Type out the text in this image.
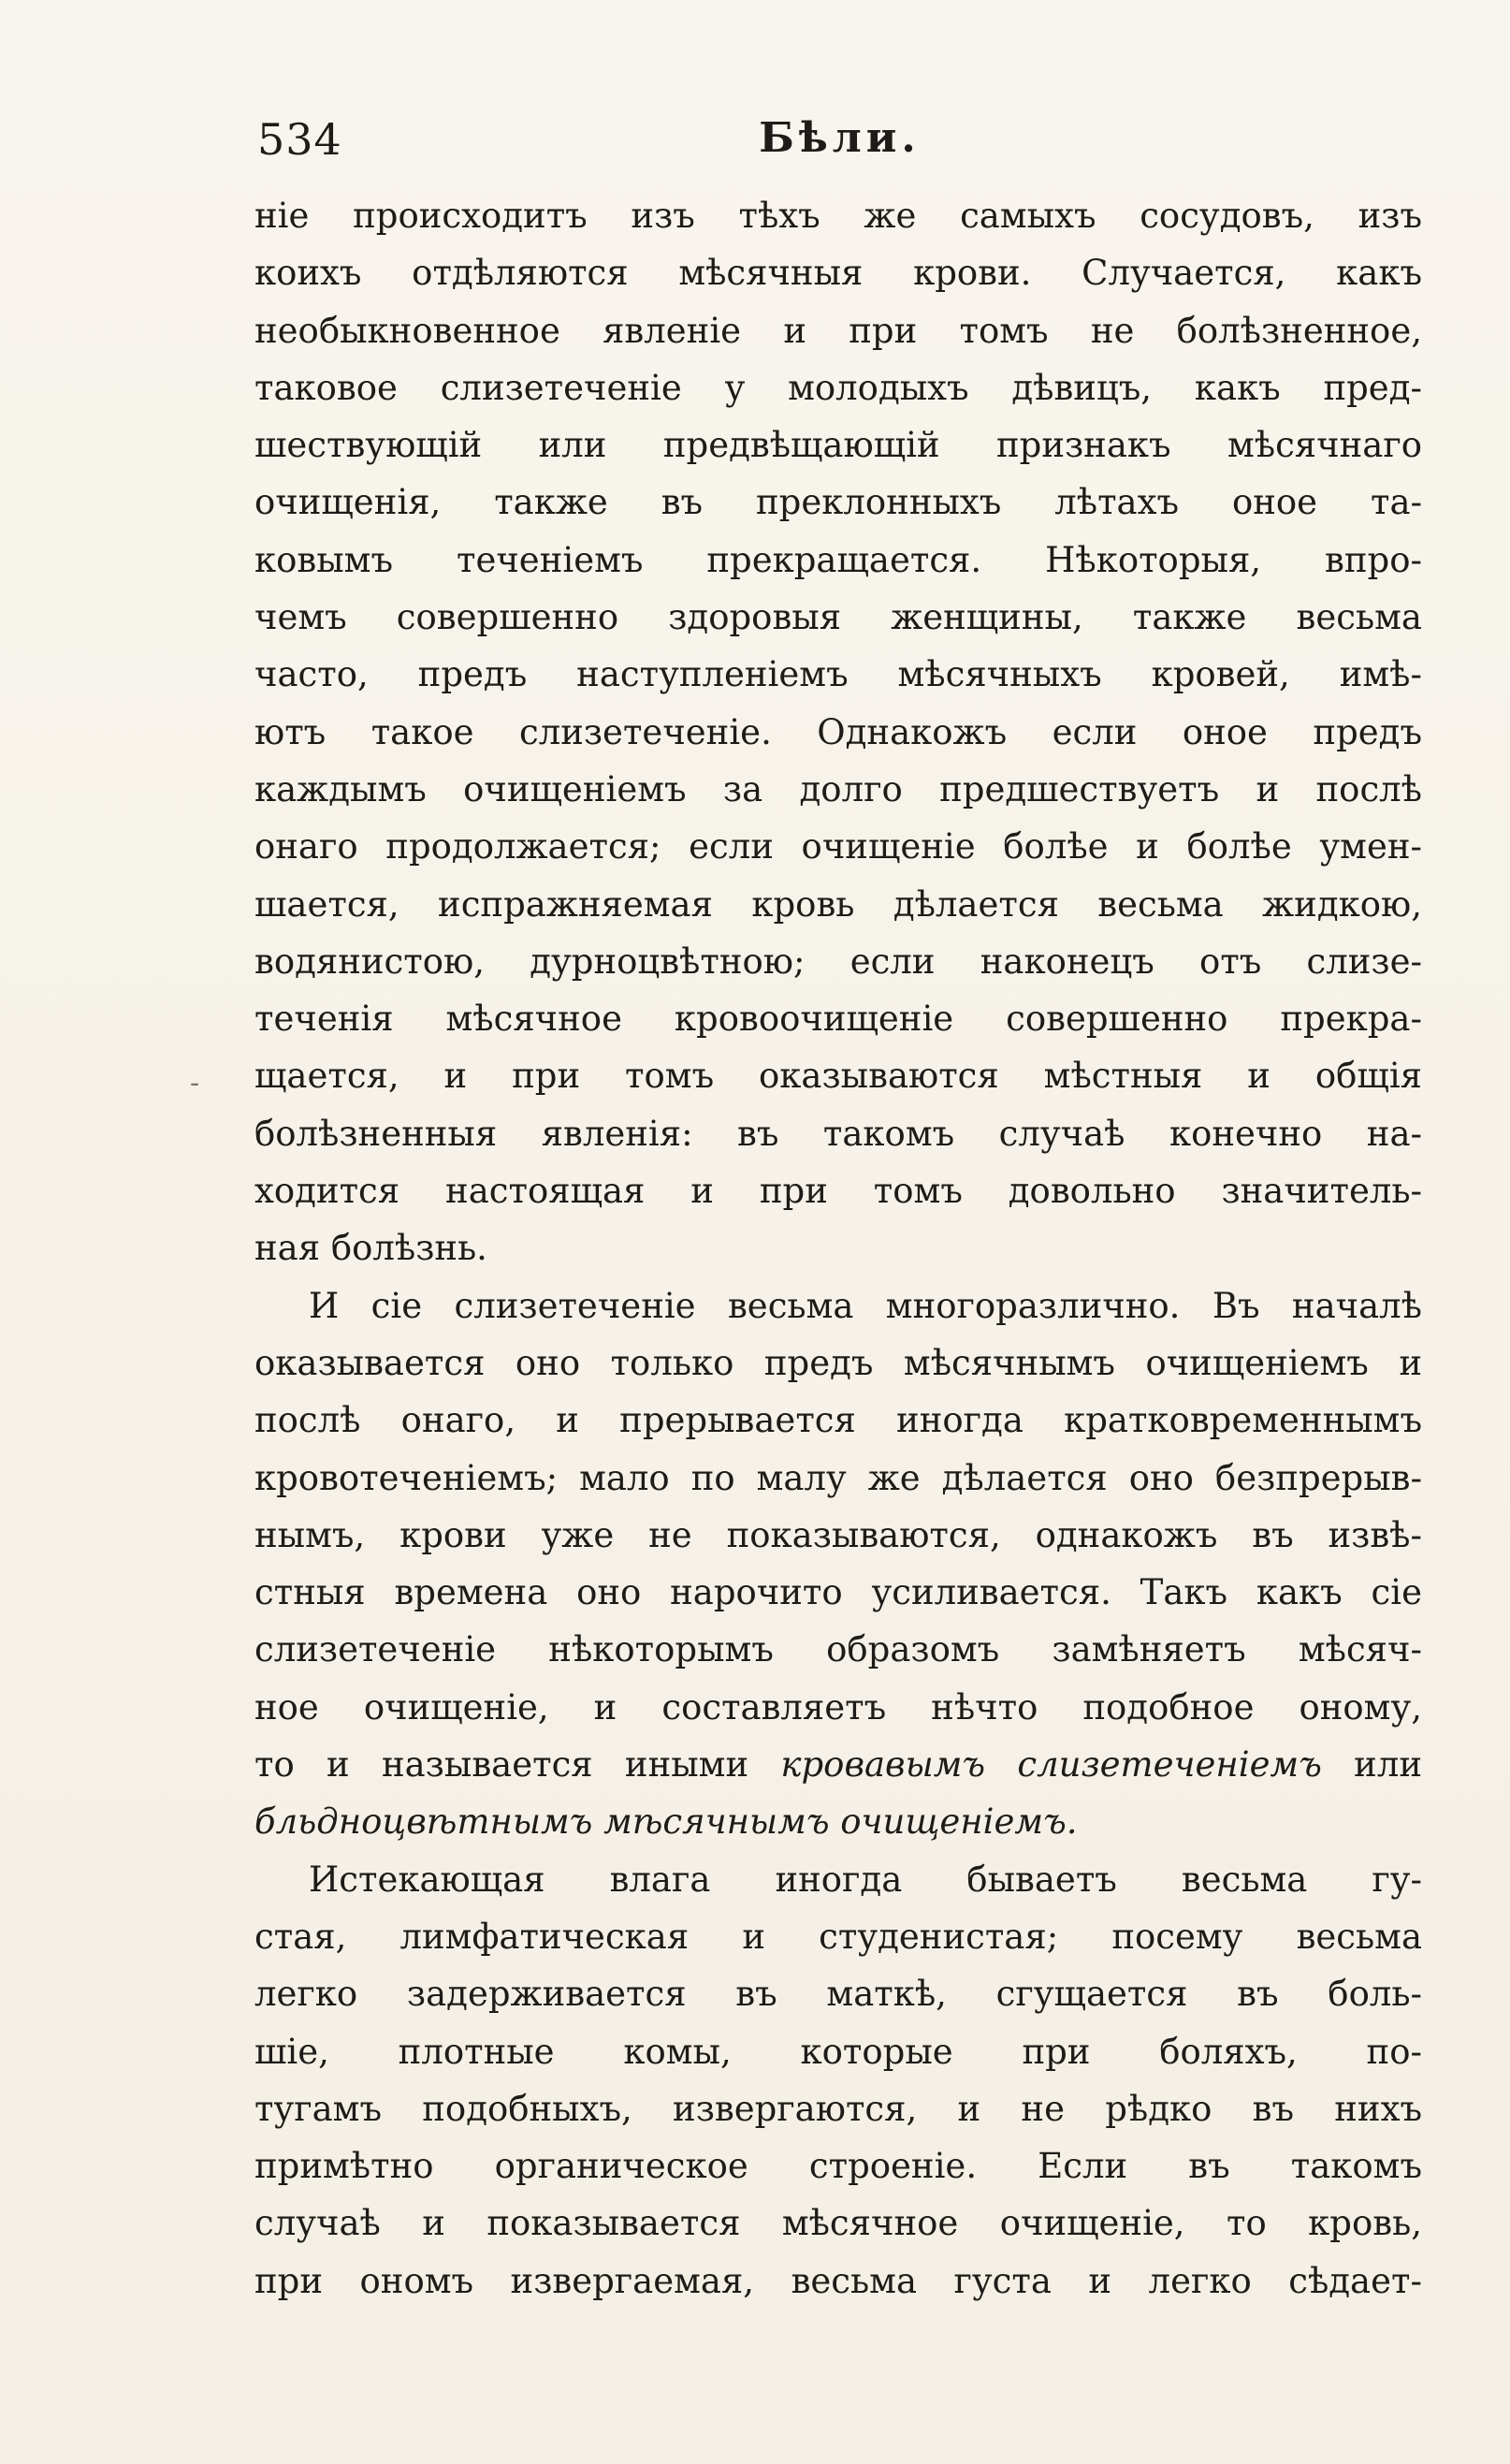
534	Бѣли.
-
ніе происходитъ изъ тѣхъ же самыхъ сосудовъ, изъ
коихъ отдѣляются мѣсячныя крови. Случается, какъ
необыкновенное явленіе и при томъ не болѣзненное,
таковое слизетеченіе у молодыхъ дѣвицъ, какъ пред-
шествующій или предвѣщающій признакъ мѣсячнаго
очищенія, также въ преклонныхъ лѣтахъ оное та-
ковымъ теченіемъ прекращается. Нѣкоторыя, впро-
чемъ совершенно здоровыя женщины, также весьма
часто, предъ наступленіемъ мѣсячныхъ кровей, имѣ-
ютъ такое слизетеченіе. Однакожъ если оное предъ
каждымъ очищеніемъ за долго предшествуетъ и послѣ
онаго продолжается; если очищеніе болѣе и болѣе умен-
шается, испражняемая кровь дѣлается весьма жидкою,
водянистою, дурноцвѣтною; если наконецъ отъ слизе-
теченія мѣсячное кровоочищеніе совершенно прекра-
щается, и при томъ оказываются мѣстныя и общія
болѣзненныя явленія: въ такомъ случаѣ конечно на-
ходится настоящая и при томъ довольно значитель-
ная болѣзнь.
И сіе слизетеченіе весьма многоразлично. Въ началѣ
оказывается оно только предъ мѣсячнымъ очищеніемъ и
послѣ онаго, и прерывается иногда кратковременнымъ
кровотеченіемъ; мало по малу же дѣлается оно безпрерыв-
нымъ, крови уже не показываются, однакожъ въ извѣ-
стныя времена оно нарочито усиливается. Такъ какъ сіе
слизетеченіе нѣкоторымъ образомъ замѣняетъ мѣсяч-
ное очищеніе, и составляетъ нѣчто подобное оному,
то и называется иными кровавымъ слизетеченіемъ или
бльдноцвѣтнымъ мѣсячнымъ очищеніемъ.
Истекающая влага иногда бываетъ весьма гу-
стая, лимфатическая и студенистая; посему весьма
легко задерживается въ маткѣ, сгущается въ боль-
шіе, плотные комы, которые при боляхъ, по-
тугамъ подобныхъ, извергаются, и не рѣдко въ нихъ
примѣтно органическое строеніе. Если въ такомъ
случаѣ и показывается мѣсячное очищеніе, то кровь,
при ономъ извергаемая, весьма густа и легко сѣдает-
